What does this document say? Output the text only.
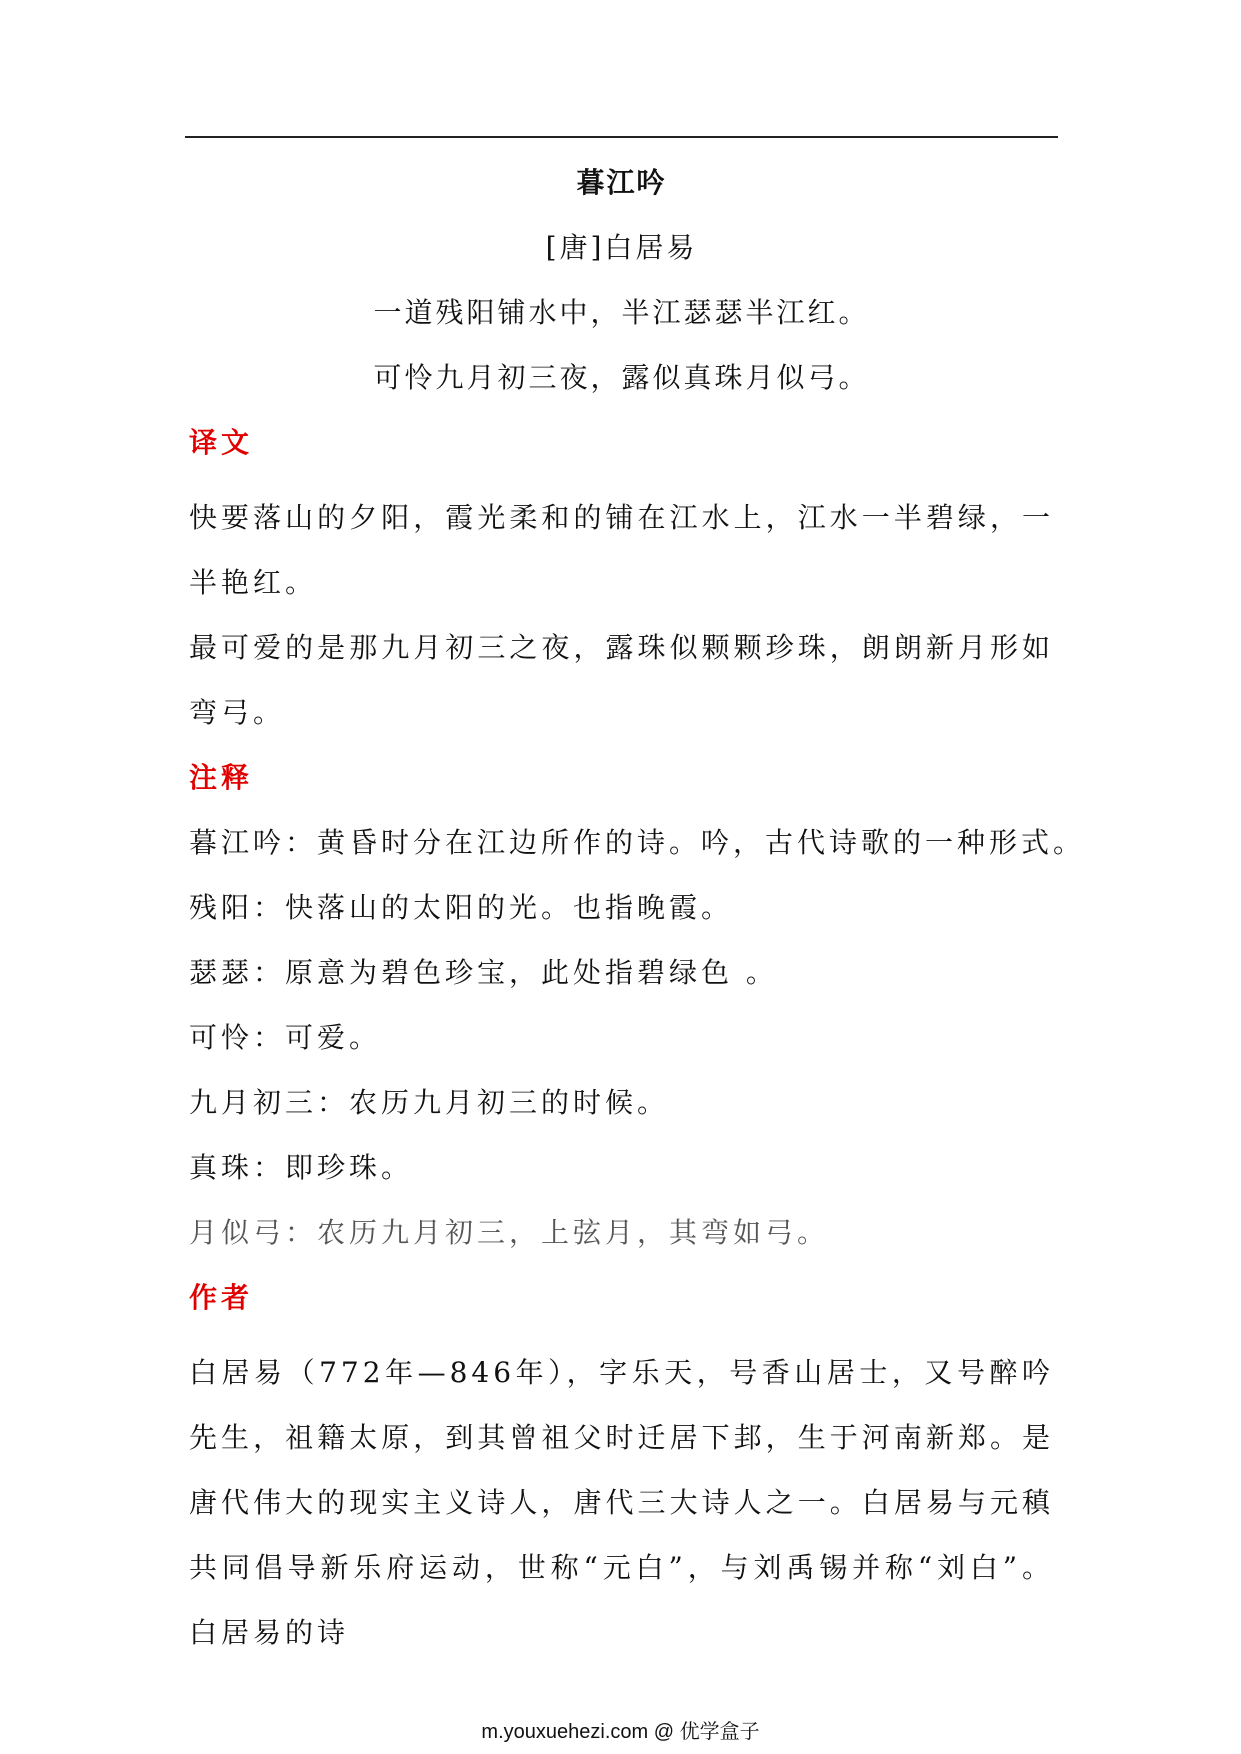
暮江吟
[唐]白居易
一道残阳铺水中，半江瑟瑟半江红。
可怜九月初三夜，露似真珠月似弓。
译文
快要落山的夕阳，霞光柔和的铺在江水上，江水一半碧绿，一半艳红。
最可爱的是那九月初三之夜，露珠似颗颗珍珠，朗朗新月形如弯弓。
注释
暮江吟：黄昏时分在江边所作的诗。吟，古代诗歌的一种形式。
残阳：快落山的太阳的光。也指晚霞。
瑟瑟：原意为碧色珍宝，此处指碧绿色 。
可怜：可爱。
九月初三：农历九月初三的时候。
真珠：即珍珠。
月似弓：农历九月初三，上弦月，其弯如弓。
作者
白居易（772年—846年），字乐天，号香山居士，又号醉吟先生，祖籍太原，到其曾祖父时迁居下邽，生于河南新郑。是唐代伟大的现实主义诗人，唐代三大诗人之一。白居易与元稹共同倡导新乐府运动，世称“元白”，与刘禹锡并称“刘白”。白居易的诗
m.youxuehezi.com @ 优学盒子
